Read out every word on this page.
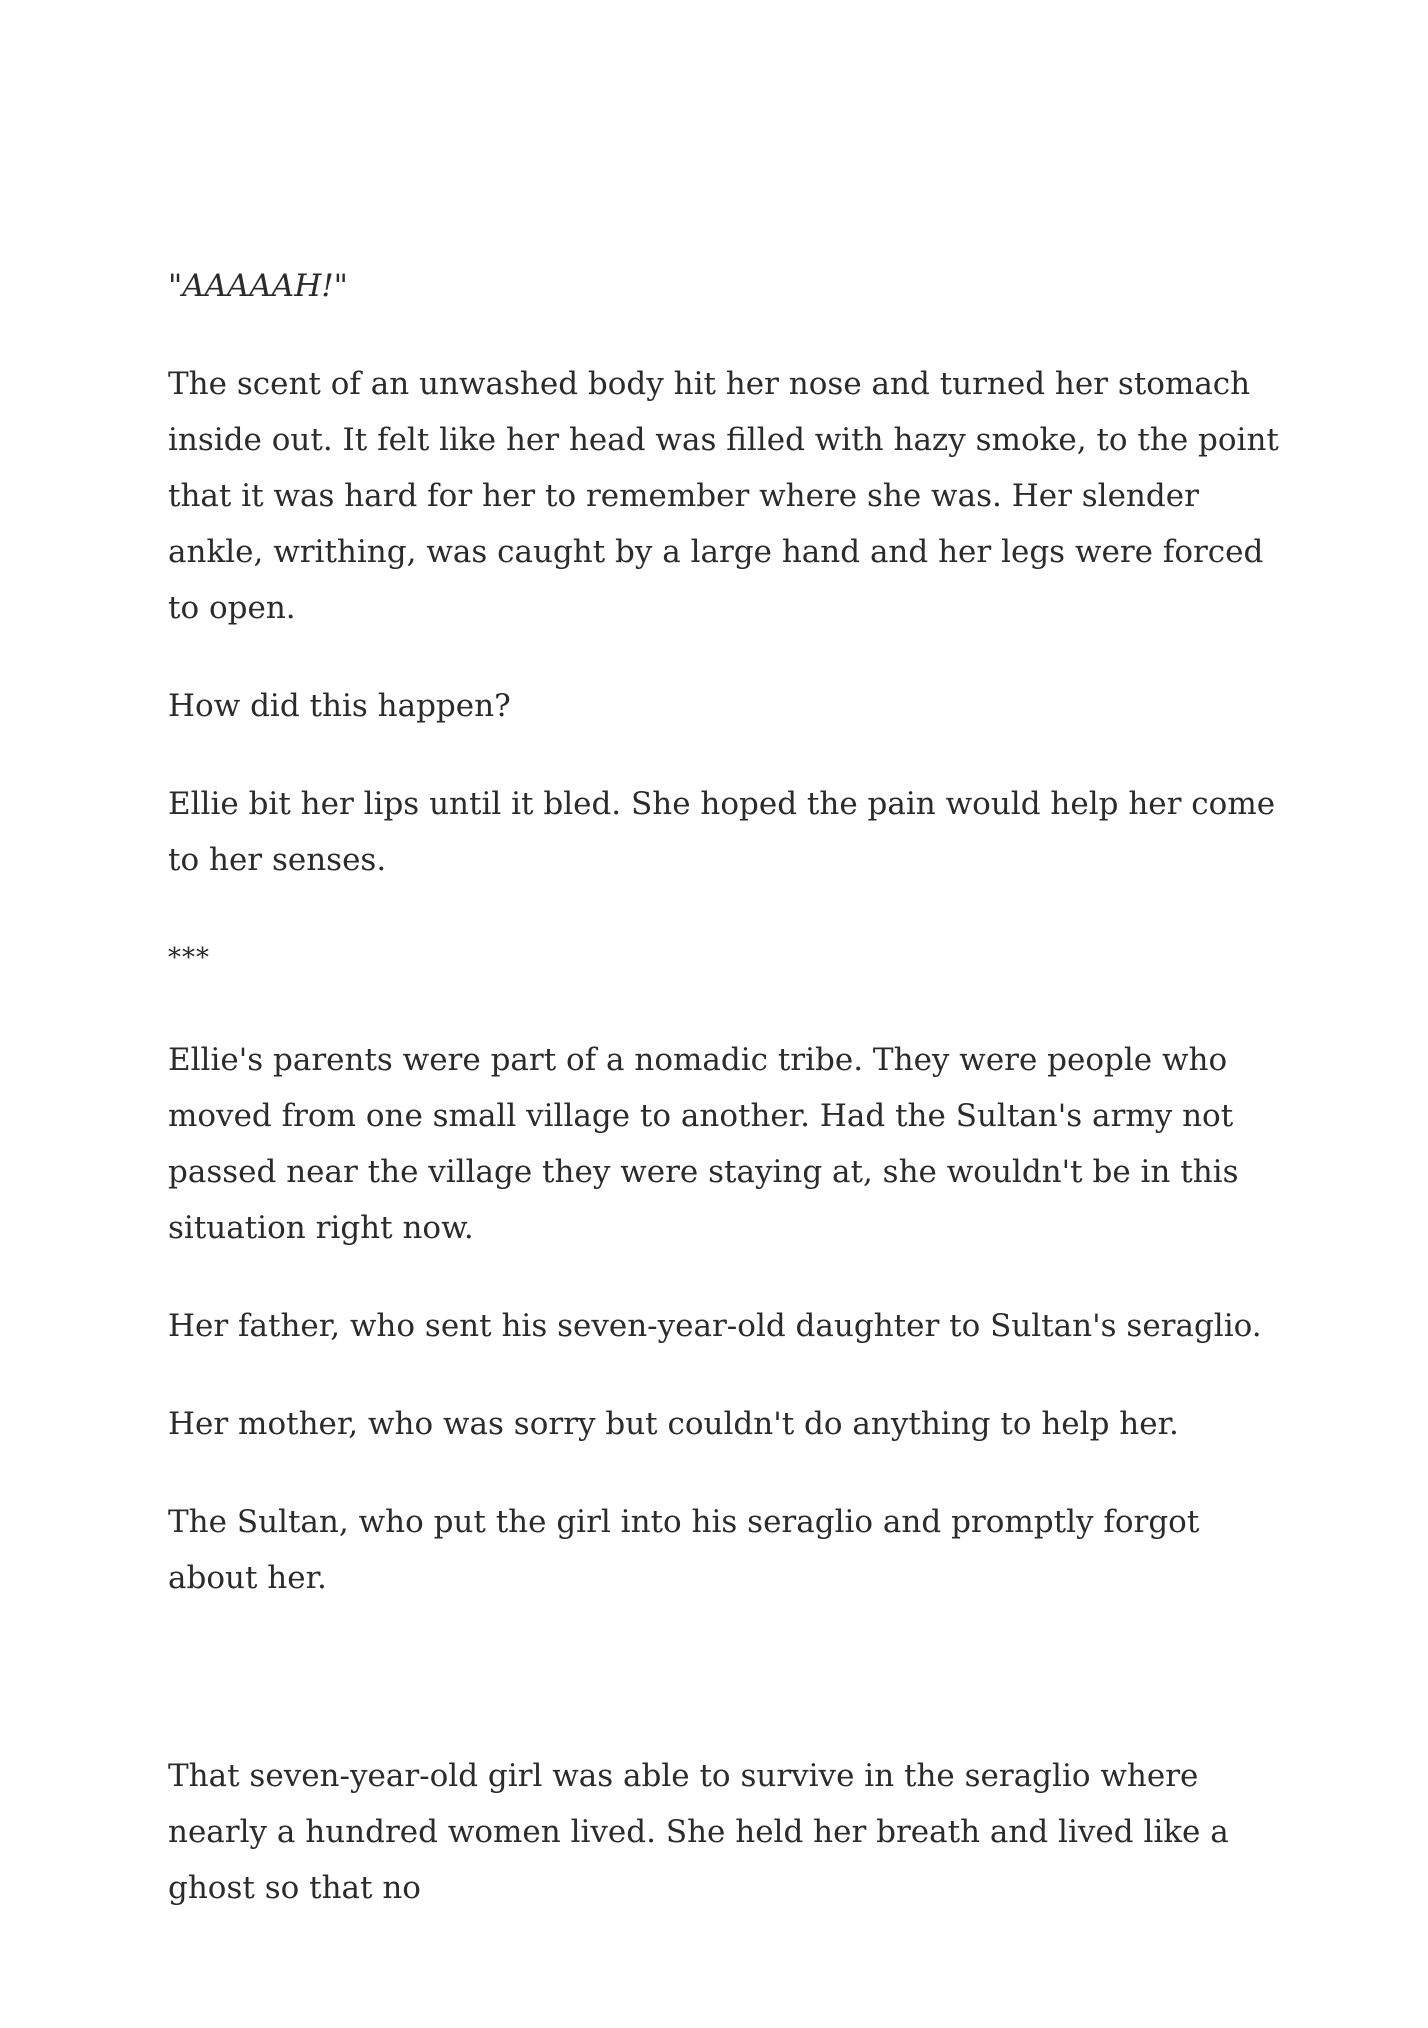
"AAAAAH!"

The scent of an unwashed body hit her nose and turned her stomach inside out. It felt like her head was filled with hazy smoke, to the point that it was hard for her to remember where she was. Her slender ankle, writhing, was caught by a large hand and her legs were forced to open.

How did this happen?

Ellie bit her lips until it bled. She hoped the pain would help her come to her senses.

***

Ellie's parents were part of a nomadic tribe. They were people who moved from one small village to another. Had the Sultan's army not passed near the village they were staying at, she wouldn't be in this situation right now.

Her father, who sent his seven-year-old daughter to Sultan's seraglio.

Her mother, who was sorry but couldn't do anything to help her.

The Sultan, who put the girl into his seraglio and promptly forgot about her.

That seven-year-old girl was able to survive in the seraglio where nearly a hundred women lived. She held her breath and lived like a ghost so that no
